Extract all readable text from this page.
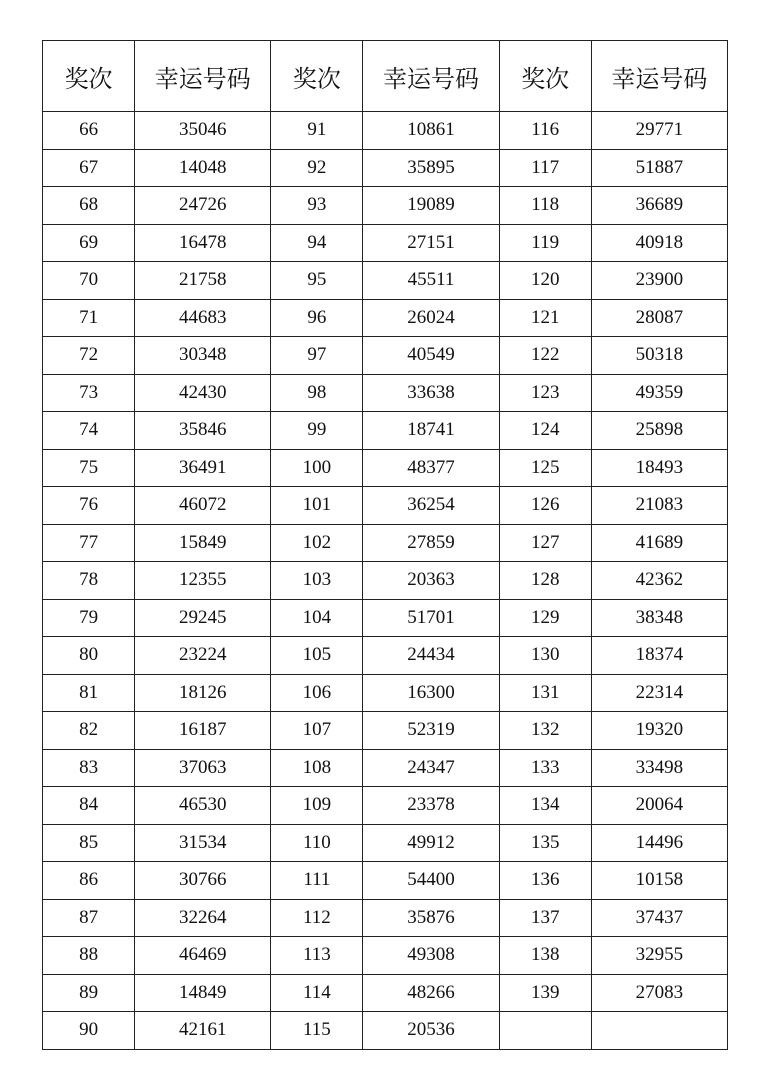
奖次	幸运号码	奖次	幸运号码	奖次	幸运号码
66	35046	91	10861	116	29771
67	14048	92	35895	117	51887
68	24726	93	19089	118	36689
69	16478	94	27151	119	40918
70	21758	95	45511	120	23900
71	44683	96	26024	121	28087
72	30348	97	40549	122	50318
73	42430	98	33638	123	49359
74	35846	99	18741	124	25898
75	36491	100	48377	125	18493
76	46072	101	36254	126	21083
77	15849	102	27859	127	41689
78	12355	103	20363	128	42362
79	29245	104	51701	129	38348
80	23224	105	24434	130	18374
81	18126	106	16300	131	22314
82	16187	107	52319	132	19320
83	37063	108	24347	133	33498
84	46530	109	23378	134	20064
85	31534	110	49912	135	14496
86	30766	111	54400	136	10158
87	32264	112	35876	137	37437
88	46469	113	49308	138	32955
89	14849	114	48266	139	27083
90	42161	115	20536		
